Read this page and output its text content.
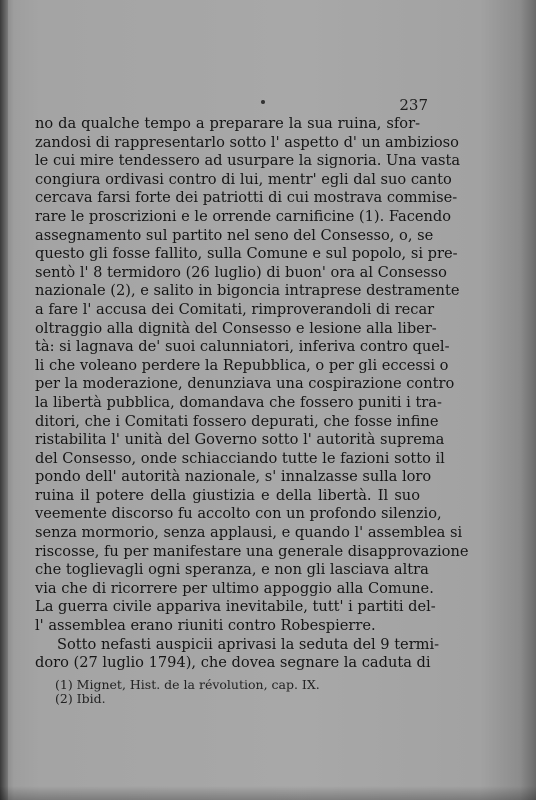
237
no da qualche tempo a preparare la sua ruina, sfor-
zandosi di rappresentarlo sotto l' aspetto d' un ambizioso
le cui mire tendessero ad usurpare la signoria. Una vasta
congiura ordivasi contro di lui, mentr' egli dal suo canto
cercava farsi forte dei patriotti di cui mostrava commise-
rare le proscrizioni e le orrende carnificine (1). Facendo
assegnamento sul partito nel seno del Consesso, o, se
questo gli fosse fallito, sulla Comune e sul popolo, si pre-
sentò l' 8 termidoro (26 luglio) di buon' ora al Consesso
nazionale (2), e salito in bigoncia intraprese destramente
a fare l' accusa dei Comitati, rimproverandoli di recar
oltraggio alla dignità del Consesso e lesione alla liber-
tà: si lagnava de' suoi calunniatori, inferiva contro quel-
li che voleano perdere la Repubblica, o per gli eccessi o
per la moderazione, denunziava una cospirazione contro
la libertà pubblica, domandava che fossero puniti i tra-
ditori, che i Comitati fossero depurati, che fosse infine
ristabilita l' unità del Governo sotto l' autorità suprema
del Consesso, onde schiacciando tutte le fazioni sotto il
pondo dell' autorità nazionale, s' innalzasse sulla loro
ruina il potere della giustizia e della libertà. Il suo
veemente discorso fu accolto con un profondo silenzio,
senza mormorio, senza applausi, e quando l' assemblea si
riscosse, fu per manifestare una generale disapprovazione
che toglievagli ogni speranza, e non gli lasciava altra
via che di ricorrere per ultimo appoggio alla Comune.
La guerra civile appariva inevitabile, tutt' i partiti del-
l' assemblea erano riuniti contro Robespierre.
Sotto nefasti auspicii aprivasi la seduta del 9 termi-
doro (27 luglio 1794), che dovea segnare la caduta di
(1) Mignet, Hist. de la révolution, cap. IX.
(2) Ibid.
